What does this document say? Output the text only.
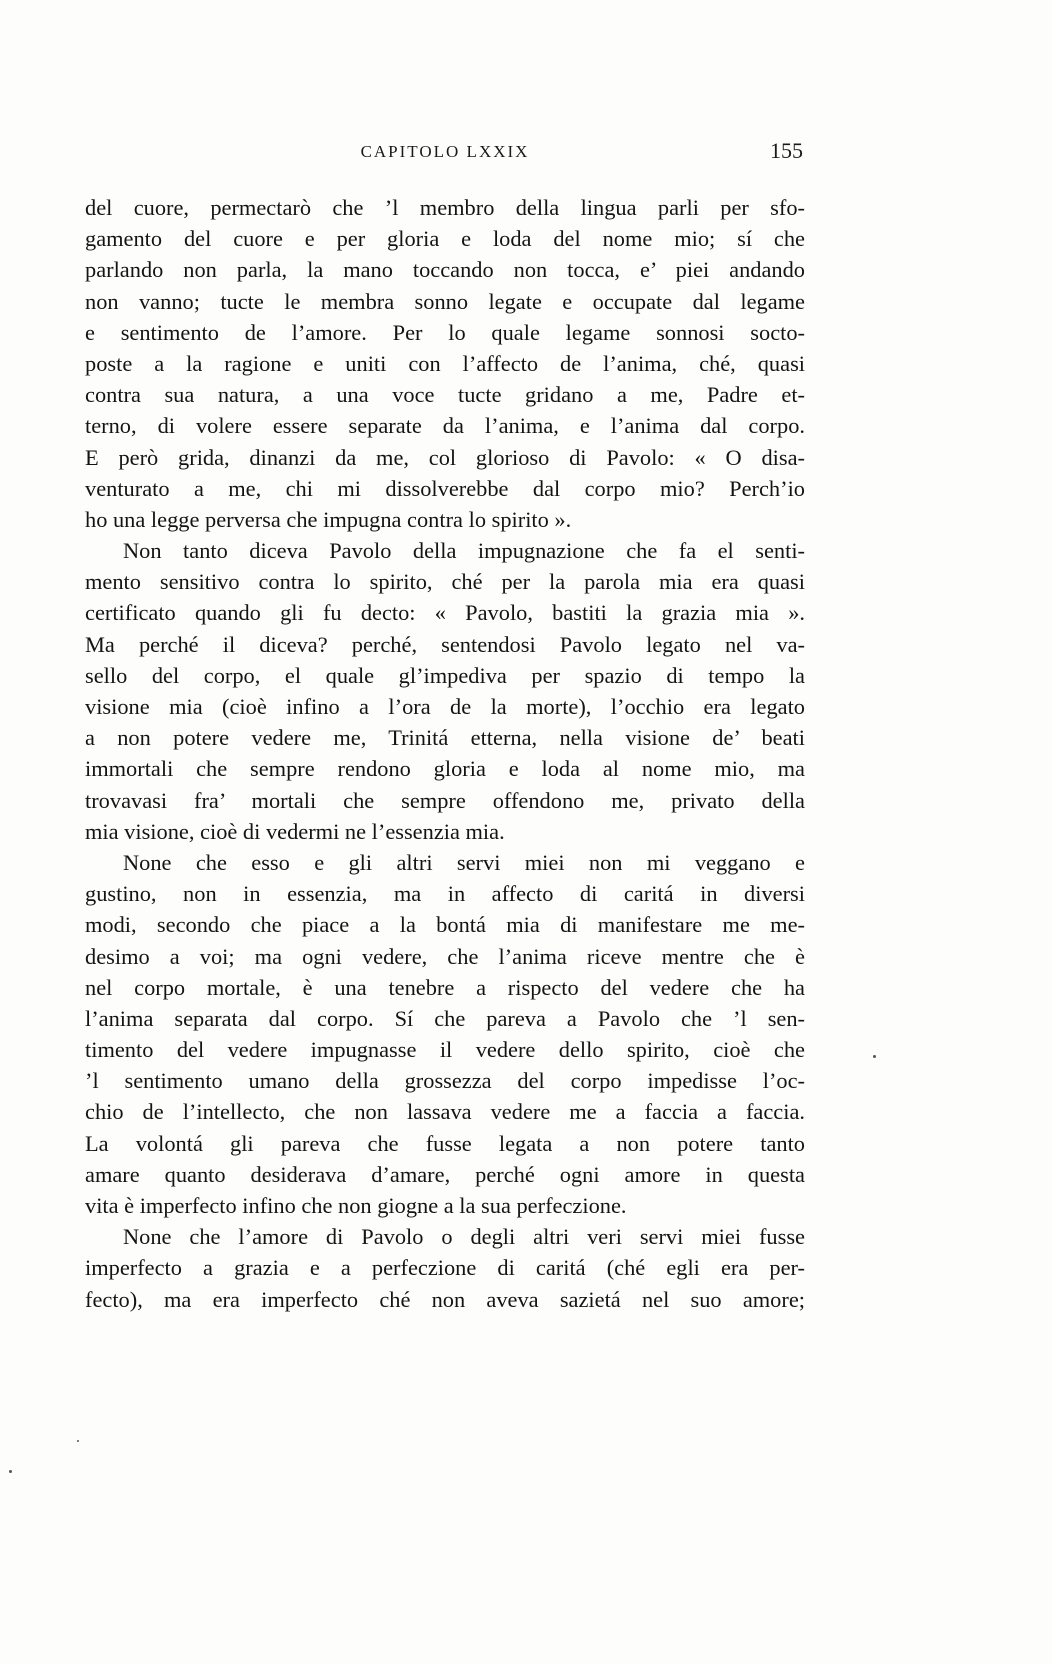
CAPITOLO LXXIX	155
del cuore, permectarò che ’l membro della lingua parli per sfo-
gamento del cuore e per gloria e loda del nome mio; sí che
parlando non parla, la mano toccando non tocca, e’ piei andando
non vanno; tucte le membra sonno legate e occupate dal legame
e sentimento de l’amore. Per lo quale legame sonnosi socto-
poste a la ragione e uniti con l’affecto de l’anima, ché, quasi
contra sua natura, a una voce tucte gridano a me, Padre et-
terno, di volere essere separate da l’anima, e l’anima dal corpo.
E però grida, dinanzi da me, col glorioso di Pavolo: « O disa-
venturato a me, chi mi dissolverebbe dal corpo mio? Perch’io
ho una legge perversa che impugna contra lo spirito ».
Non tanto diceva Pavolo della impugnazione che fa el senti-
mento sensitivo contra lo spirito, ché per la parola mia era quasi
certificato quando gli fu decto: « Pavolo, bastiti la grazia mia ».
Ma perché il diceva? perché, sentendosi Pavolo legato nel va-
sello del corpo, el quale gl’impediva per spazio di tempo la
visione mia (cioè infino a l’ora de la morte), l’occhio era legato
a non potere vedere me, Trinitá etterna, nella visione de’ beati
immortali che sempre rendono gloria e loda al nome mio, ma
trovavasi fra’ mortali che sempre offendono me, privato della
mia visione, cioè di vedermi ne l’essenzia mia.
None che esso e gli altri servi miei non mi veggano e
gustino, non in essenzia, ma in affecto di caritá in diversi
modi, secondo che piace a la bontá mia di manifestare me me-
desimo a voi; ma ogni vedere, che l’anima riceve mentre che è
nel corpo mortale, è una tenebre a rispecto del vedere che ha
l’anima separata dal corpo. Sí che pareva a Pavolo che ’l sen-
timento del vedere impugnasse il vedere dello spirito, cioè che
’l sentimento umano della grossezza del corpo impedisse l’oc-
chio de l’intellecto, che non lassava vedere me a faccia a faccia.
La volontá gli pareva che fusse legata a non potere tanto
amare quanto desiderava d’amare, perché ogni amore in questa
vita è imperfecto infino che non giogne a la sua perfeczione.
None che l’amore di Pavolo o degli altri veri servi miei fusse
imperfecto a grazia e a perfeczione di caritá (ché egli era per-
fecto), ma era imperfecto ché non aveva sazietá nel suo amore;
